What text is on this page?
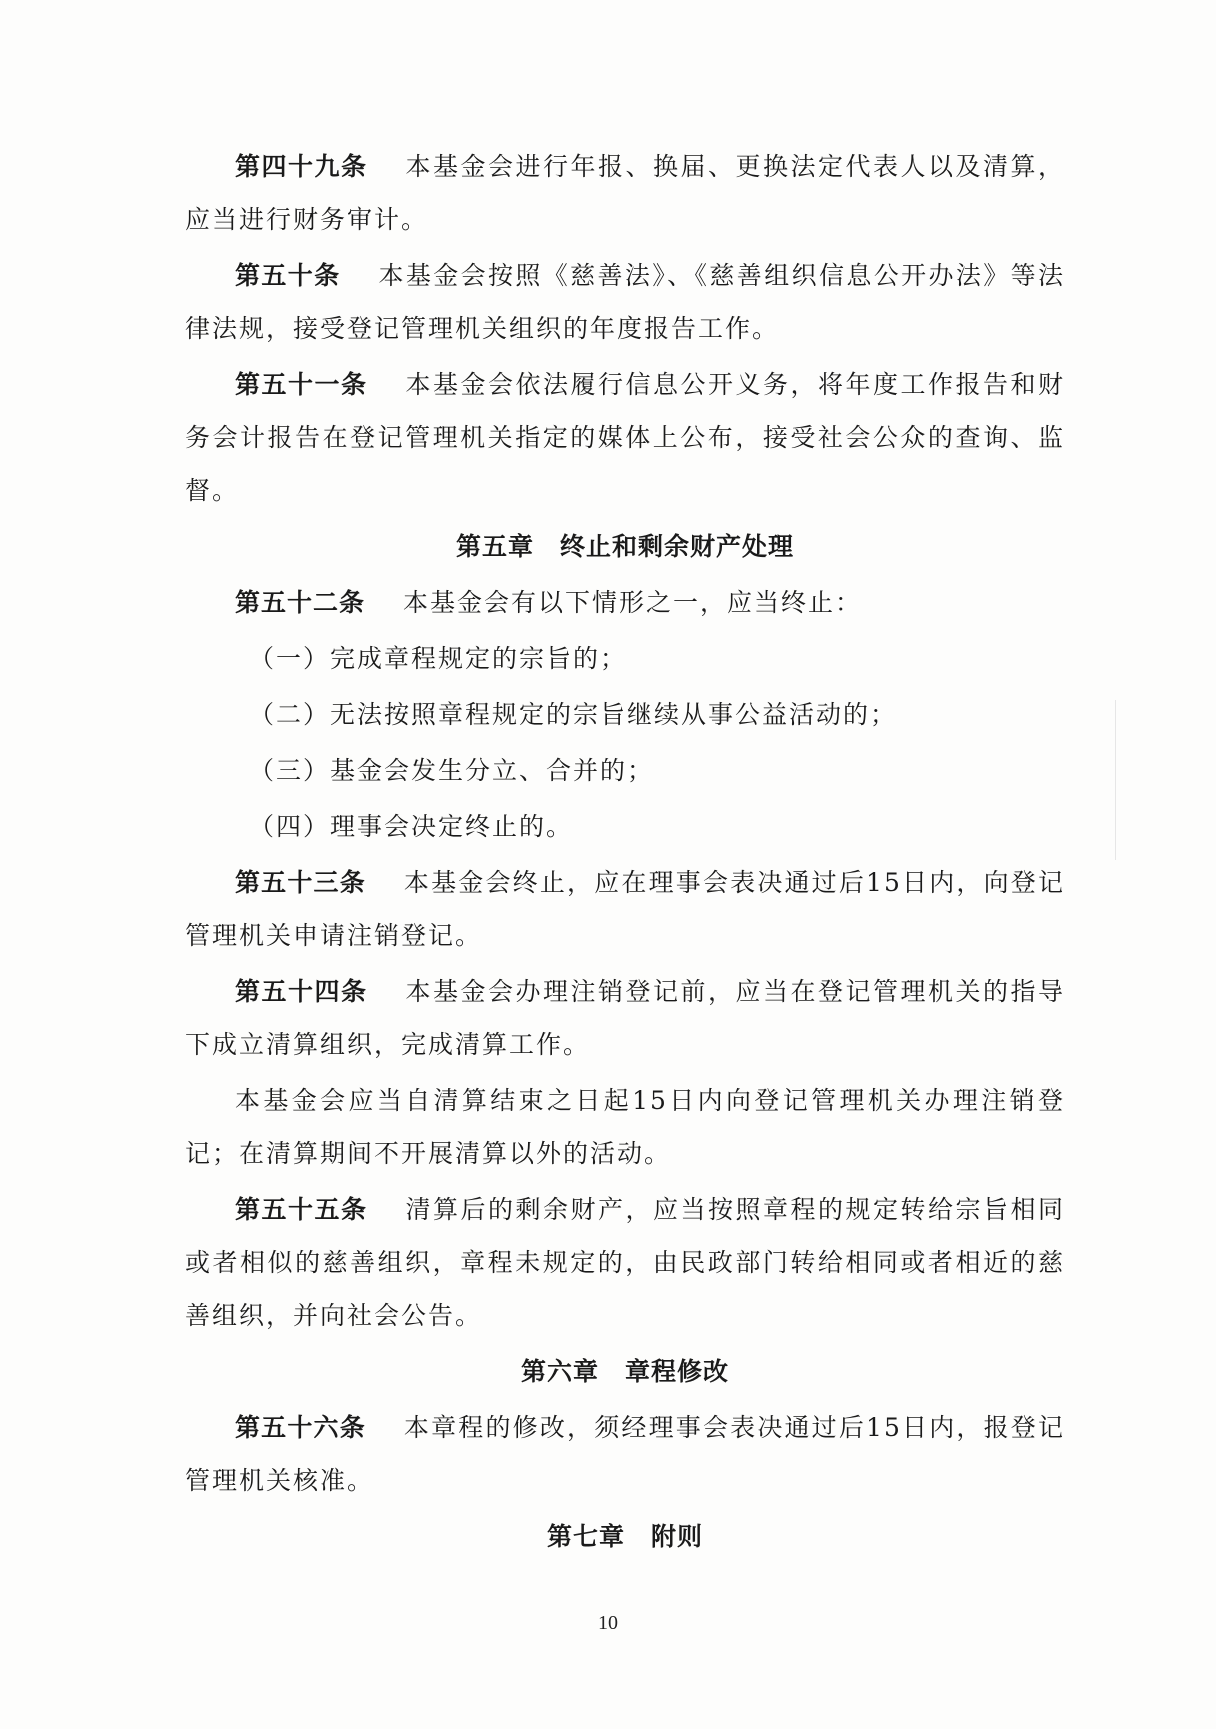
第四十九条 本基金会进行年报、换届、更换法定代表人以及清算，应当进行财务审计。

第五十条 本基金会按照《慈善法》、《慈善组织信息公开办法》等法律法规，接受登记管理机关组织的年度报告工作。

第五十一条 本基金会依法履行信息公开义务，将年度工作报告和财务会计报告在登记管理机关指定的媒体上公布，接受社会公众的查询、监督。

第五章 终止和剩余财产处理

第五十二条 本基金会有以下情形之一，应当终止：

（一）完成章程规定的宗旨的；
（二）无法按照章程规定的宗旨继续从事公益活动的；
（三）基金会发生分立、合并的；
（四）理事会决定终止的。

第五十三条 本基金会终止，应在理事会表决通过后15日内，向登记管理机关申请注销登记。

第五十四条 本基金会办理注销登记前，应当在登记管理机关的指导下成立清算组织，完成清算工作。

本基金会应当自清算结束之日起15日内向登记管理机关办理注销登记；在清算期间不开展清算以外的活动。

第五十五条 清算后的剩余财产，应当按照章程的规定转给宗旨相同或者相似的慈善组织，章程未规定的，由民政部门转给相同或者相近的慈善组织，并向社会公告。

第六章 章程修改

第五十六条 本章程的修改，须经理事会表决通过后15日内，报登记管理机关核准。

第七章 附则
10
